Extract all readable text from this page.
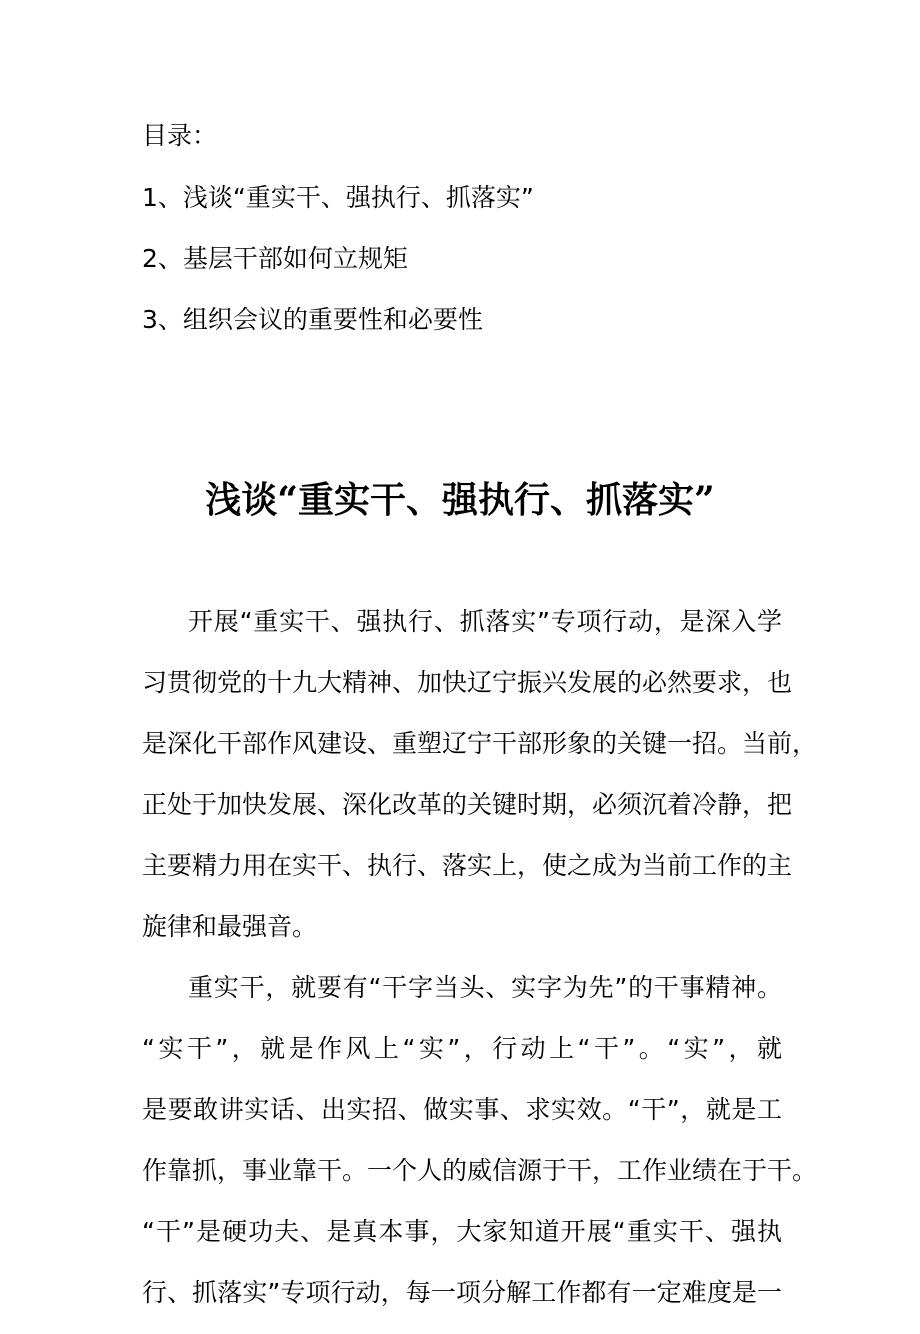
目录：
1、浅谈“重实干、强执行、抓落实”
2、基层干部如何立规矩
3、组织会议的重要性和必要性
浅谈“重实干、强执行、抓落实”
开展“重实干、强执行、抓落实”专项行动，是深入学
习贯彻党的十九大精神、加快辽宁振兴发展的必然要求，也
是深化干部作风建设、重塑辽宁干部形象的关键一招。当前，
正处于加快发展、深化改革的关键时期，必须沉着冷静，把
主要精力用在实干、执行、落实上，使之成为当前工作的主
旋律和最强音。
重实干，就要有“干字当头、实字为先”的干事精神。
“实干”，就是作风上“实”，行动上“干”。“实”，就
是要敢讲实话、出实招、做实事、求实效。“干”，就是工
作靠抓，事业靠干。一个人的威信源于干，工作业绩在于干。
“干”是硬功夫、是真本事，大家知道开展“重实干、强执
行、抓落实”专项行动，每一项分解工作都有一定难度是一
